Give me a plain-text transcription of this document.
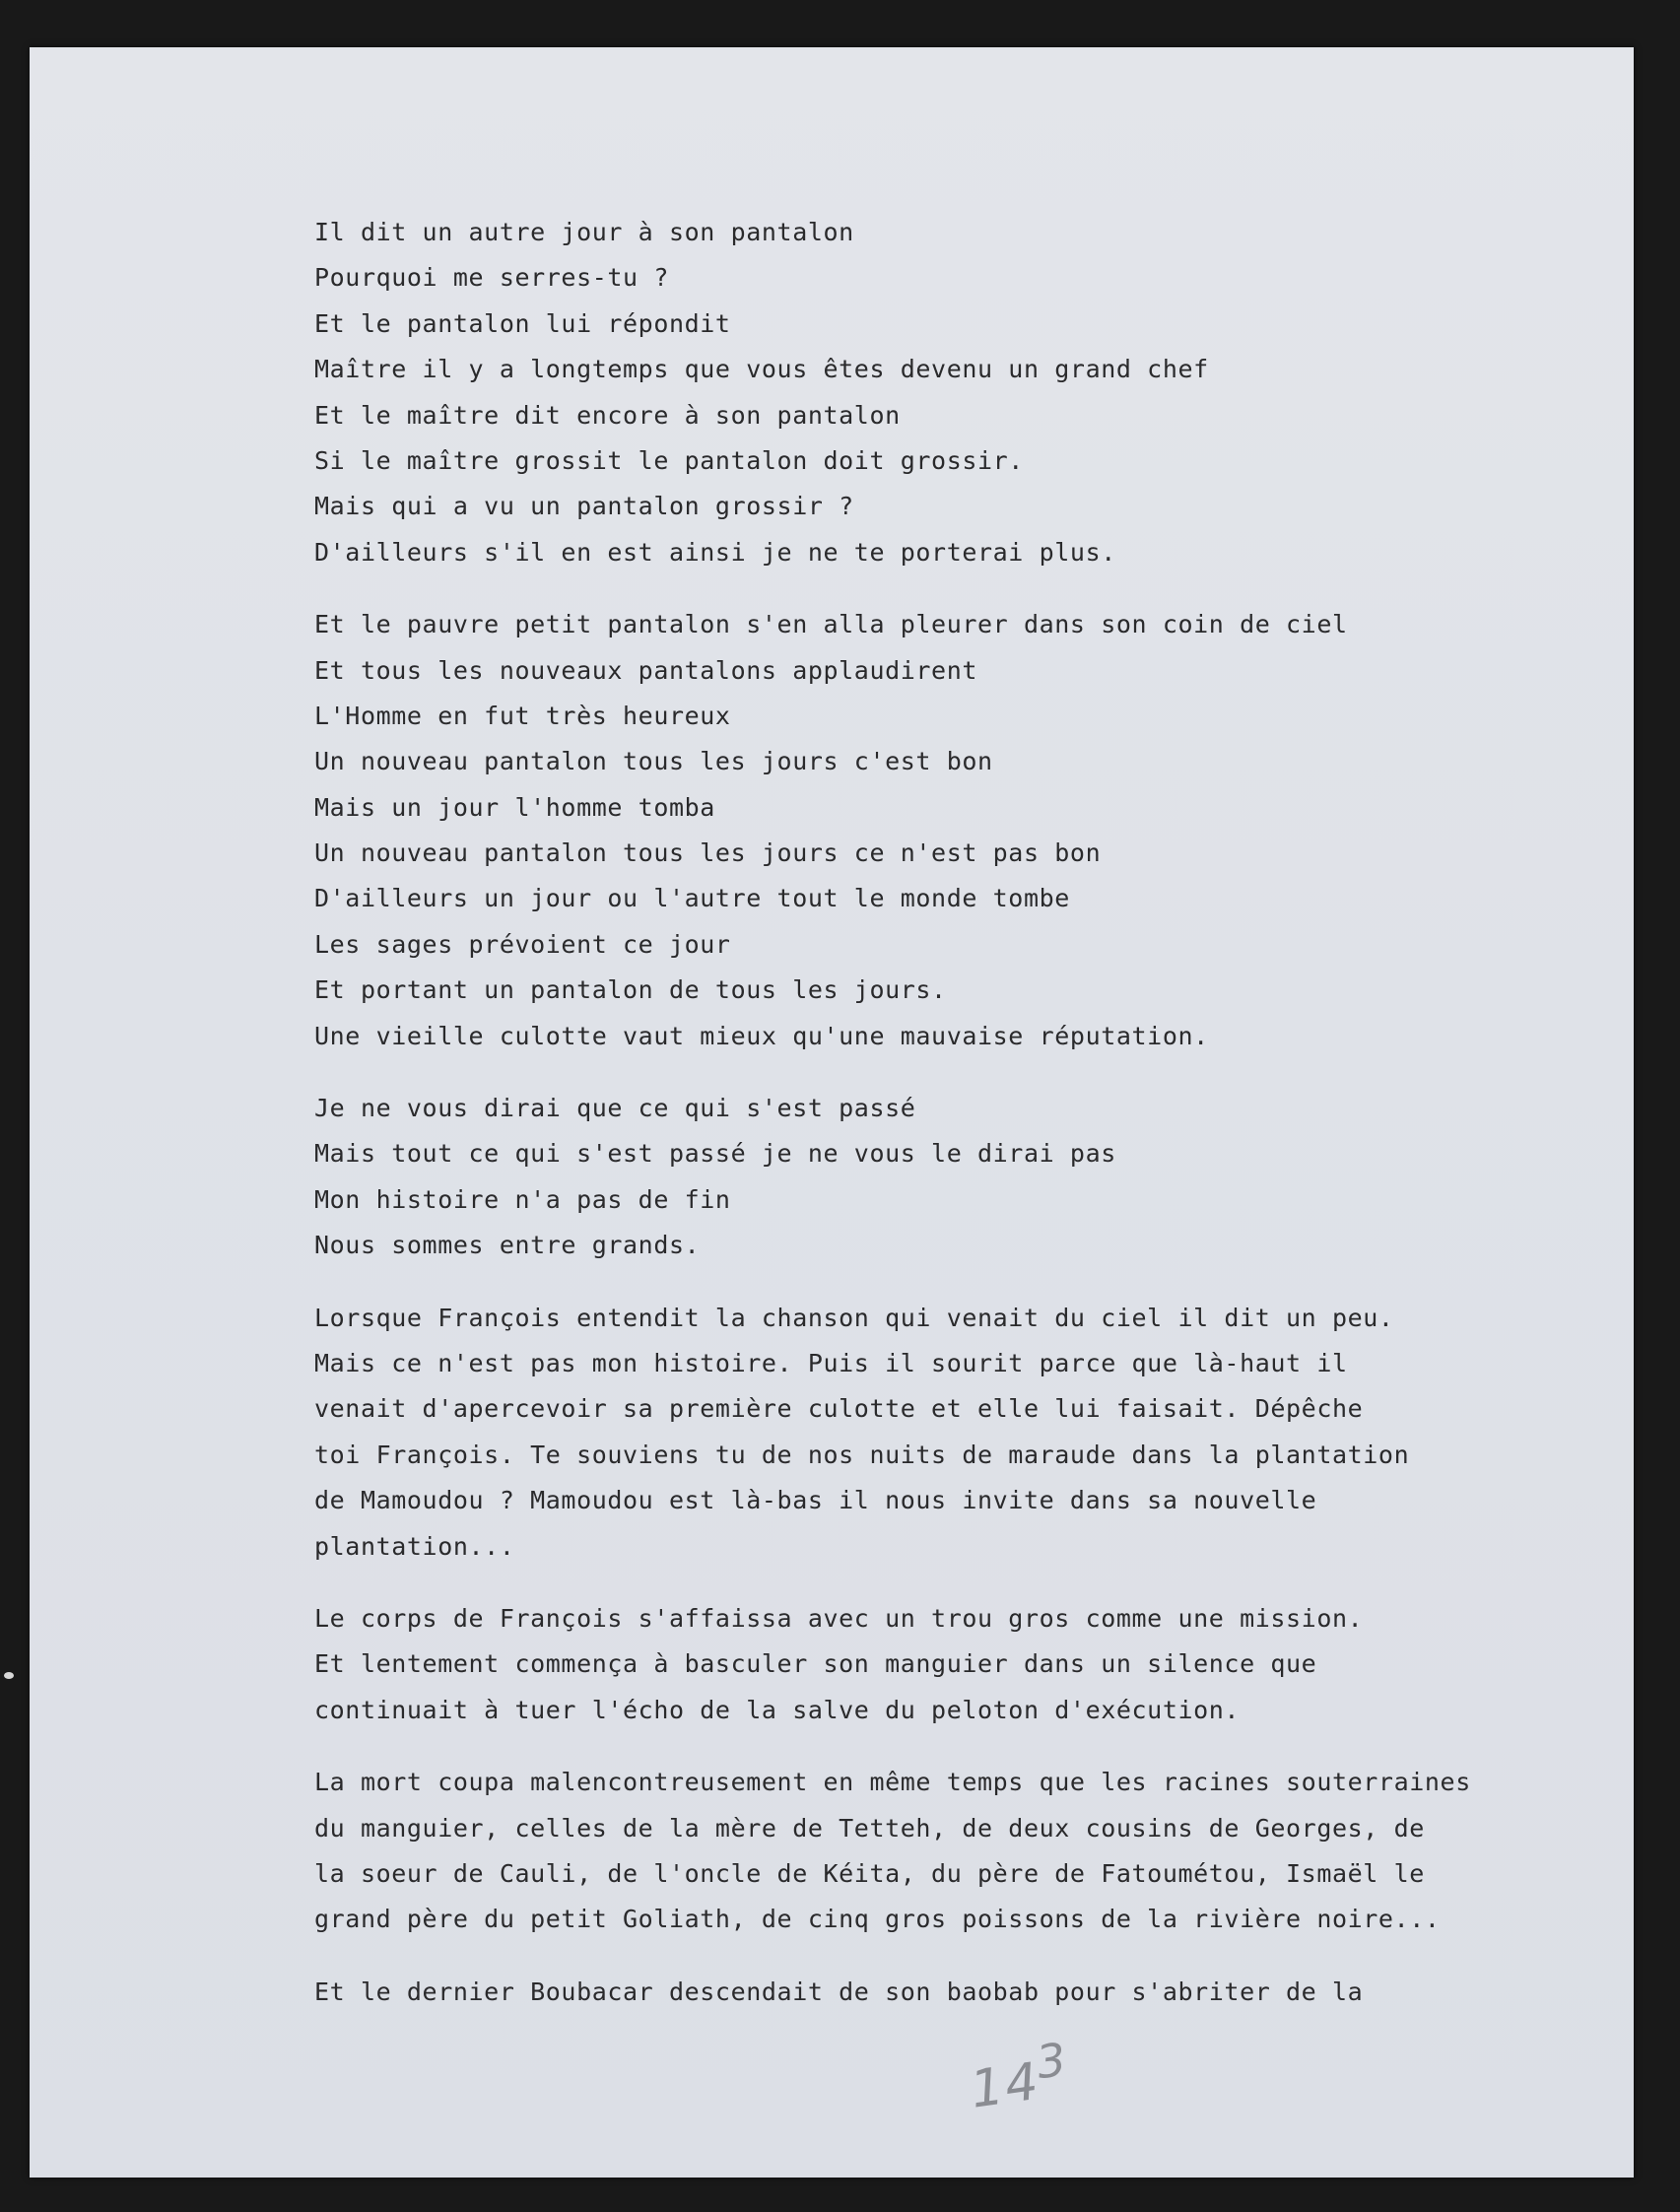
Il dit un autre jour à son pantalon
Pourquoi me serres-tu ?
Et le pantalon lui répondit
Maître il y a longtemps que vous êtes devenu un grand chef
Et le maître dit encore à son pantalon
Si le maître grossit le pantalon doit grossir.
Mais qui a vu un pantalon grossir ?
D'ailleurs s'il en est ainsi je ne te porterai plus.
Et le pauvre petit pantalon s'en alla pleurer dans son coin de ciel
Et tous les nouveaux pantalons applaudirent
L'Homme en fut très heureux
Un nouveau pantalon tous les jours c'est bon
Mais un jour l'homme tomba
Un nouveau pantalon tous les jours ce n'est pas bon
D'ailleurs un jour ou l'autre tout le monde tombe
Les sages prévoient ce jour
Et portant un pantalon de tous les jours.
Une vieille culotte vaut mieux qu'une mauvaise réputation.
Je ne vous dirai que ce qui s'est passé
Mais tout ce qui s'est passé je ne vous le dirai pas
Mon histoire n'a pas de fin
Nous sommes entre grands.
Lorsque François entendit la chanson qui venait du ciel il dit un peu.
Mais ce n'est pas mon histoire. Puis il sourit parce que là-haut il
venait d'apercevoir sa première culotte et elle lui faisait. Dépêche
toi François. Te souviens tu de nos nuits de maraude dans la plantation
de Mamoudou ? Mamoudou est là-bas il nous invite dans sa nouvelle
plantation...
Le corps de François s'affaissa avec un trou gros comme une mission.
Et lentement commença à basculer son manguier dans un silence que
continuait à tuer l'écho de la salve du peloton d'exécution.
La mort coupa malencontreusement en même temps que les racines souterraines
du manguier, celles de la mère de Tetteh, de deux cousins de Georges, de
la soeur de Cauli, de l'oncle de Kéita, du père de Fatoumétou, Ismaël le
grand père du petit Goliath, de cinq gros poissons de la rivière noire...
Et le dernier Boubacar descendait de son baobab pour s'abriter de la
143
